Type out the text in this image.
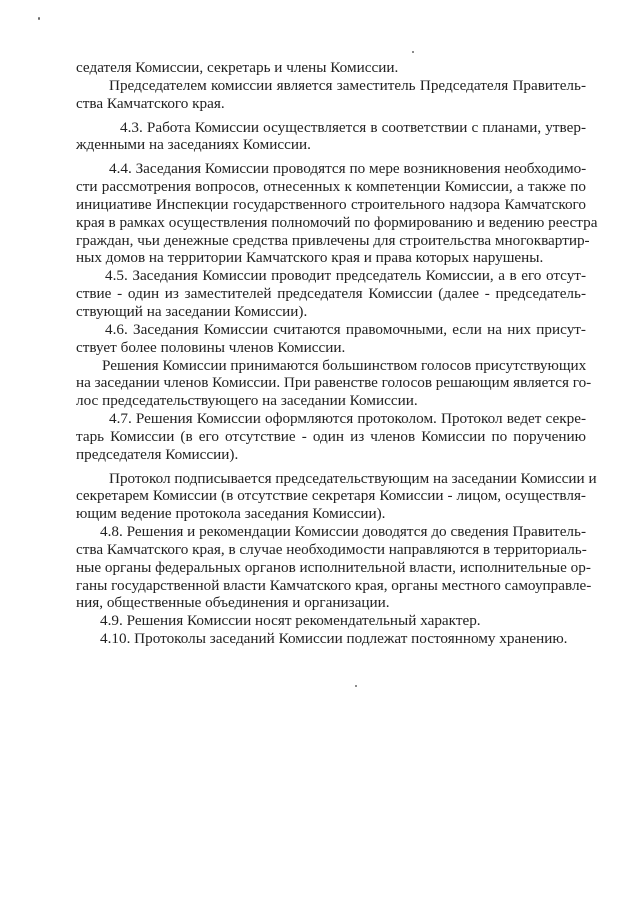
седателя Комиссии, секретарь и члены Комиссии.
Председателем комиссии является заместитель Председателя Правитель-
ства Камчатского края.
4.3. Работа Комиссии осуществляется в соответствии с планами, утвер-
жденными на заседаниях Комиссии.
4.4. Заседания Комиссии проводятся по мере возникновения необходимо-
сти рассмотрения вопросов, отнесенных к компетенции Комиссии, а также по
инициативе Инспекции государственного строительного надзора Камчатского
края в рамках осуществления полномочий по формированию и ведению реестра
граждан, чьи денежные средства привлечены для строительства многоквартир-
ных домов на территории Камчатского края и права которых нарушены.
4.5. Заседания Комиссии проводит председатель Комиссии, а в его отсут-
ствие - один из заместителей председателя Комиссии (далее - председатель-
ствующий на заседании Комиссии).
4.6. Заседания Комиссии считаются правомочными, если на них присут-
ствует более половины членов Комиссии.
Решения Комиссии принимаются большинством голосов присутствующих
на заседании членов Комиссии. При равенстве голосов решающим является го-
лос председательствующего на заседании Комиссии.
4.7. Решения Комиссии оформляются протоколом. Протокол ведет секре-
тарь Комиссии (в его отсутствие - один из членов Комиссии по поручению
председателя Комиссии).
Протокол подписывается председательствующим на заседании Комиссии и
секретарем Комиссии (в отсутствие секретаря Комиссии - лицом, осуществля-
ющим ведение протокола заседания Комиссии).
4.8. Решения и рекомендации Комиссии доводятся до сведения Правитель-
ства Камчатского края, в случае необходимости направляются в территориаль-
ные органы федеральных органов исполнительной власти, исполнительные ор-
ганы государственной власти Камчатского края, органы местного самоуправле-
ния, общественные объединения и организации.
4.9. Решения Комиссии носят рекомендательный характер.
4.10. Протоколы заседаний Комиссии подлежат постоянному хранению.
